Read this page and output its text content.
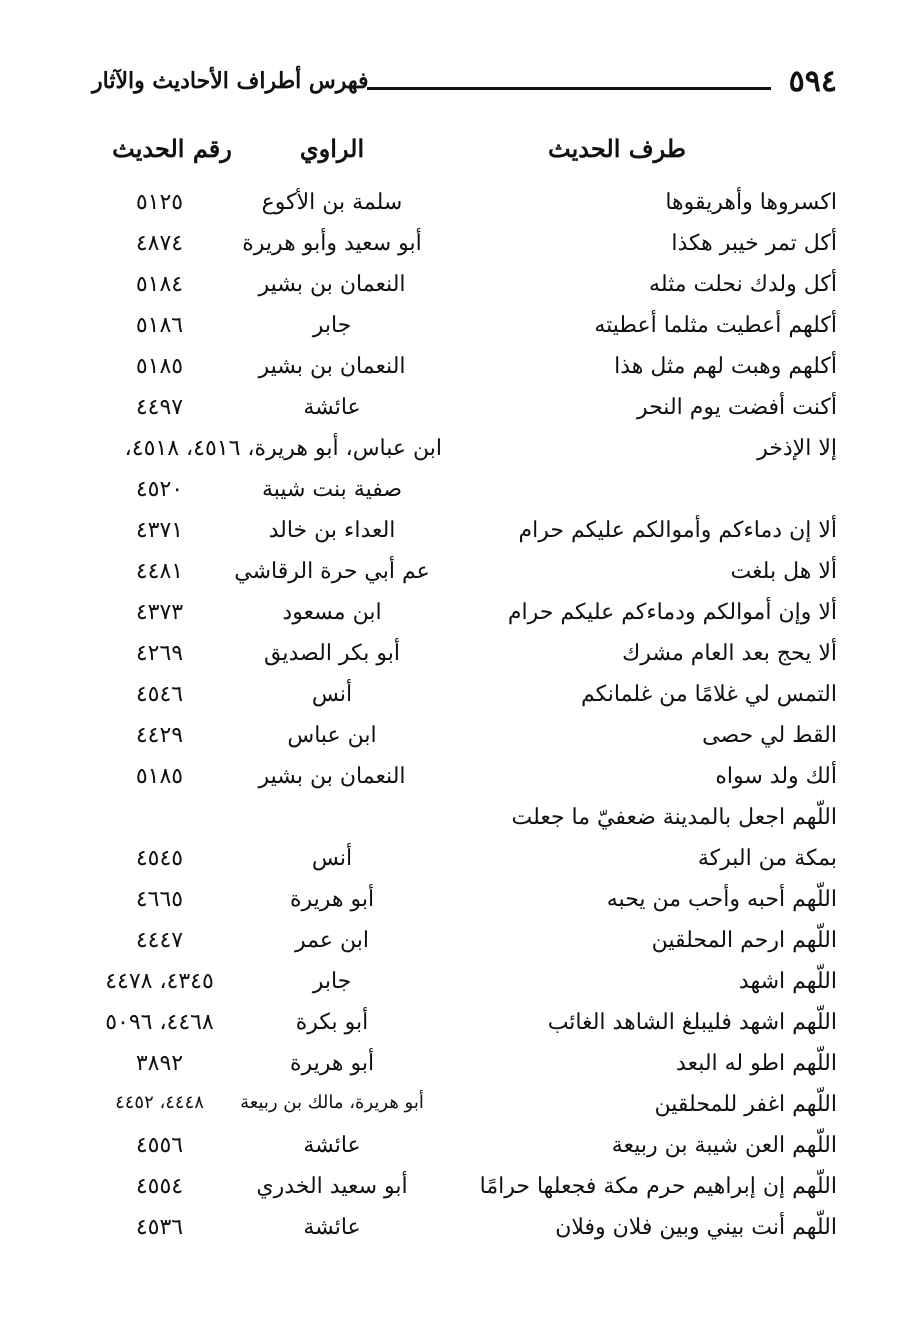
٥٩٤
فهرس أطراف الأحاديث والآثار
طرف الحديث
الراوي
رقم الحديث
اكسروها وأهريقوها
سلمة بن الأكوع
٥١٢٥
أكل تمر خيبر هكذا
أبو سعيد وأبو هريرة
٤٨٧٤
أكل ولدك نحلت مثله
النعمان بن بشير
٥١٨٤
أكلهم أعطيت مثلما أعطيته
جابر
٥١٨٦
أكلهم وهبت لهم مثل هذا
النعمان بن بشير
٥١٨٥
أكنت أفضت يوم النحر
عائشة
٤٤٩٧
إلا الإذخر
ابن عباس، أبو هريرة، ٤٥١٦، ٤٥١٨،
صفية بنت شيبة
٤٥٢٠
ألا إن دماءكم وأموالكم عليكم حرام
العداء بن خالد
٤٣٧١
ألا هل بلغت
عم أبي حرة الرقاشي
٤٤٨١
ألا وإن أموالكم ودماءكم عليكم حرام
ابن مسعود
٤٣٧٣
ألا يحج بعد العام مشرك
أبو بكر الصديق
٤٢٦٩
التمس لي غلامًا من غلمانكم
أنس
٤٥٤٦
القط لي حصى
ابن عباس
٤٤٢٩
ألك ولد سواه
النعمان بن بشير
٥١٨٥
اللّهم اجعل بالمدينة ضعفيّ ما جعلت
بمكة من البركة
أنس
٤٥٤٥
اللّهم أحبه وأحب من يحبه
أبو هريرة
٤٦٦٥
اللّهم ارحم المحلقين
ابن عمر
٤٤٤٧
اللّهم اشهد
جابر
٤٣٤٥، ٤٤٧٨
اللّهم اشهد فليبلغ الشاهد الغائب
أبو بكرة
٤٤٦٨، ٥٠٩٦
اللّهم اطو له البعد
أبو هريرة
٣٨٩٢
اللّهم اغفر للمحلقين
أبو هريرة، مالك بن ربيعة
٤٤٤٨، ٤٤٥٢
اللّهم العن شيبة بن ربيعة
عائشة
٤٥٥٦
اللّهم إن إبراهيم حرم مكة فجعلها حرامًا
أبو سعيد الخدري
٤٥٥٤
اللّهم أنت بيني وبين فلان وفلان
عائشة
٤٥٣٦
